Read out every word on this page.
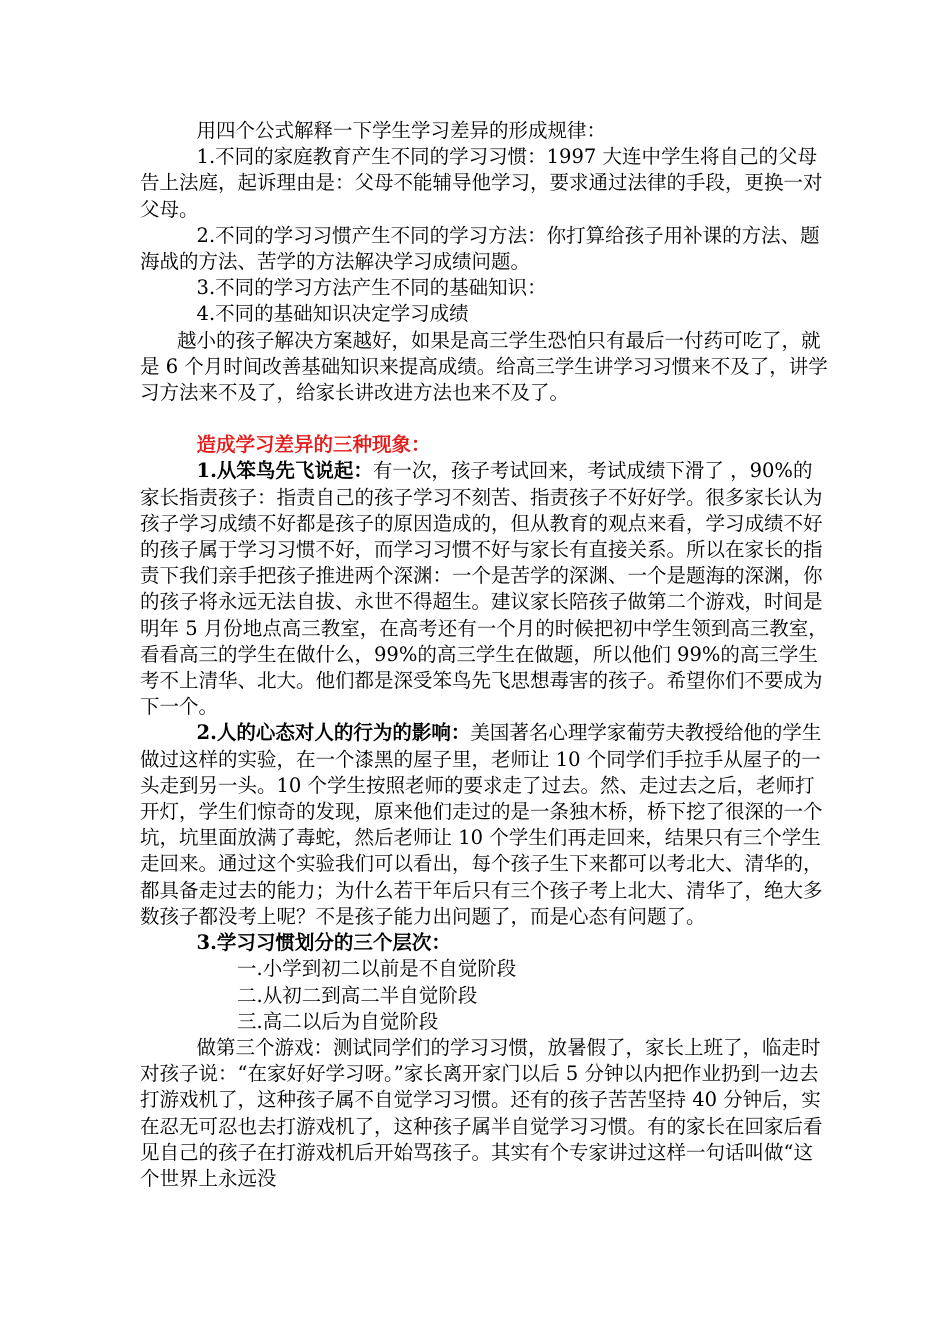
用四个公式解释一下学生学习差异的形成规律：

1.不同的家庭教育产生不同的学习习惯：1997 大连中学生将自己的父母告上法庭，起诉理由是：父母不能辅导他学习，要求通过法律的手段，更换一对父母。

2.不同的学习习惯产生不同的学习方法：你打算给孩子用补课的方法、题海战的方法、苦学的方法解决学习成绩问题。

3.不同的学习方法产生不同的基础知识：

4.不同的基础知识决定学习成绩

越小的孩子解决方案越好，如果是高三学生恐怕只有最后一付药可吃了，就是 6 个月时间改善基础知识来提高成绩。给高三学生讲学习习惯来不及了，讲学习方法来不及了，给家长讲改进方法也来不及了。

造成学习差异的三种现象：

1.从笨鸟先飞说起：有一次，孩子考试回来，考试成绩下滑了 ，90%的家长指责孩子：指责自己的孩子学习不刻苦、指责孩子不好好学。很多家长认为孩子学习成绩不好都是孩子的原因造成的，但从教育的观点来看，学习成绩不好的孩子属于学习习惯不好，而学习习惯不好与家长有直接关系。所以在家长的指责下我们亲手把孩子推进两个深渊：一个是苦学的深渊、一个是题海的深渊，你的孩子将永远无法自拔、永世不得超生。建议家长陪孩子做第二个游戏，时间是明年 5 月份地点高三教室，在高考还有一个月的时候把初中学生领到高三教室，看看高三的学生在做什么，99%的高三学生在做题，所以他们 99%的高三学生考不上清华、北大。他们都是深受笨鸟先飞思想毒害的孩子。希望你们不要成为下一个。

2.人的心态对人的行为的影响：美国著名心理学家葡劳夫教授给他的学生做过这样的实验，在一个漆黑的屋子里，老师让 10 个同学们手拉手从屋子的一头走到另一头。10 个学生按照老师的要求走了过去。然、走过去之后，老师打开灯，学生们惊奇的发现，原来他们走过的是一条独木桥，桥下挖了很深的一个坑，坑里面放满了毒蛇，然后老师让 10 个学生们再走回来，结果只有三个学生走回来。通过这个实验我们可以看出，每个孩子生下来都可以考北大、清华的，都具备走过去的能力；为什么若干年后只有三个孩子考上北大、清华了，绝大多数孩子都没考上呢？不是孩子能力出问题了，而是心态有问题了。

3.学习习惯划分的三个层次：

一.小学到初二以前是不自觉阶段

二.从初二到高二半自觉阶段

三.高二以后为自觉阶段

做第三个游戏：测试同学们的学习习惯，放暑假了，家长上班了，临走时对孩子说：“在家好好学习呀。”家长离开家门以后 5 分钟以内把作业扔到一边去打游戏机了，这种孩子属不自觉学习习惯。还有的孩子苦苦坚持 40 分钟后，实在忍无可忍也去打游戏机了，这种孩子属半自觉学习习惯。有的家长在回家后看见自己的孩子在打游戏机后开始骂孩子。其实有个专家讲过这样一句话叫做“这个世界上永远没
